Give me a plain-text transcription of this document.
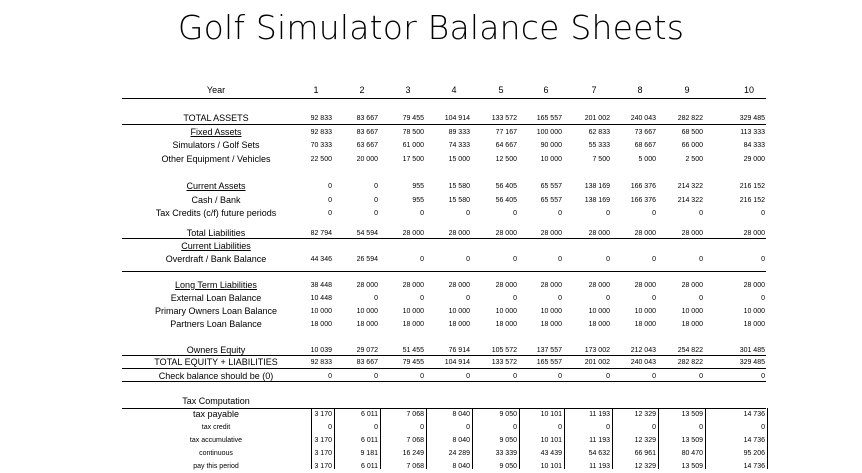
Golf Simulator Balance Sheets
Year	1	2	3	4	5	6	7	8	9	10
TOTAL ASSETS	92 833	83 667	79 455	104 914	133 572	165 557	201 002	240 043	282 822	329 485
Fixed Assets	92 833	83 667	78 500	89 333	77 167	100 000	62 833	73 667	68 500	113 333
Simulators / Golf Sets	70 333	63 667	61 000	74 333	64 667	90 000	55 333	68 667	66 000	84 333
Other Equipment / Vehicles	22 500	20 000	17 500	15 000	12 500	10 000	7 500	5 000	2 500	29 000
Current Assets	0	0	955	15 580	56 405	65 557	138 169	166 376	214 322	216 152
Cash / Bank	0	0	955	15 580	56 405	65 557	138 169	166 376	214 322	216 152
Tax Credits (c/f) future periods	0	0	0	0	0	0	0	0	0	0
Total Liabilities	82 794	54 594	28 000	28 000	28 000	28 000	28 000	28 000	28 000	28 000
Current Liabilities
Overdraft / Bank Balance	44 346	26 594	0	0	0	0	0	0	0	0
Long Term Liabilities	38 448	28 000	28 000	28 000	28 000	28 000	28 000	28 000	28 000	28 000
External Loan Balance	10 448	0	0	0	0	0	0	0	0	0
Primary Owners Loan Balance	10 000	10 000	10 000	10 000	10 000	10 000	10 000	10 000	10 000	10 000
Partners Loan Balance	18 000	18 000	18 000	18 000	18 000	18 000	18 000	18 000	18 000	18 000
Owners Equity	10 039	29 072	51 455	76 914	105 572	137 557	173 002	212 043	254 822	301 485
TOTAL EQUITY + LIABILITIES	92 833	83 667	79 455	104 914	133 572	165 557	201 002	240 043	282 822	329 485
Check balance should be (0)	0	0	0	0	0	0	0	0	0	0
Tax Computation
tax payable	3 170	6 011	7 068	8 040	9 050	10 101	11 193	12 329	13 509	14 736
tax credit	0	0	0	0	0	0	0	0	0	0
tax accumulative	3 170	6 011	7 068	8 040	9 050	10 101	11 193	12 329	13 509	14 736
continuous	3 170	9 181	16 249	24 289	33 339	43 439	54 632	66 961	80 470	95 206
pay this period	3 170	6 011	7 068	8 040	9 050	10 101	11 193	12 329	13 509	14 736
